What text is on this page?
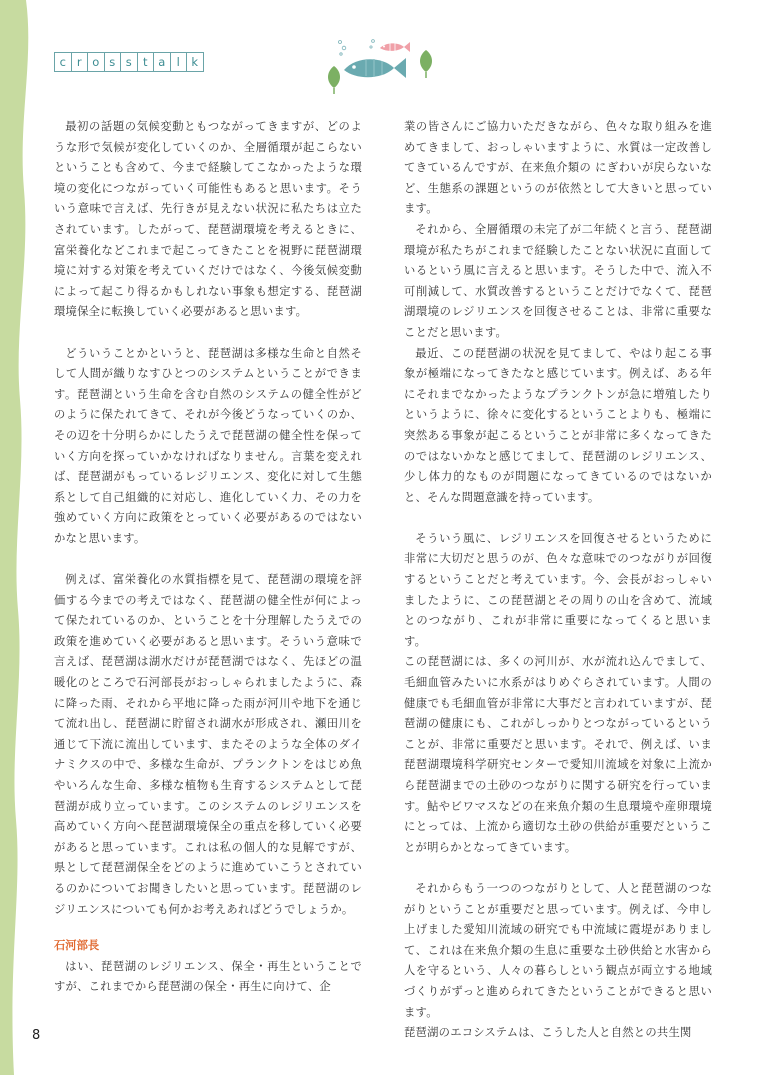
c r o s s t a l	k

最初の話題の気候変動ともつながってきますが、どのような形で気候が変化していくのか、全層循環が起こらないということも含めて、今まで経験してこなかったような環境の変化につながっていく可能性もあると思います。そういう意味で言えば、先行きが見えない状況に私たちは立たされています。したがって、琵琶湖環境を考えるときに、富栄養化などこれまで起こってきたことを視野に琵琶湖環境に対する対策を考えていくだけではなく、今後気候変動によって起こり得るかもしれない事象も想定する、琵琶湖環境保全に転換していく必要があると思います。

どういうことかというと、琵琶湖は多様な生命と自然そして人間が織りなすひとつのシステムということができます。琵琶湖という生命を含む自然のシステムの健全性がどのように保たれてきて、それが今後どうなっていくのか、その辺を十分明らかにしたうえで琵琶湖の健全性を保っていく方向を探っていかなければなりません。言葉を変えれば、琵琶湖がもっているレジリエンス、変化に対して生態系として自己組織的に対応し、進化していく力、その力を強めていく方向に政策をとっていく必要があるのではないかなと思います。

例えば、富栄養化の水質指標を見て、琵琶湖の環境を評価する今までの考えではなく、琵琶湖の健全性が何によって保たれているのか、ということを十分理解したうえでの政策を進めていく必要があると思います。そういう意味で言えば、琵琶湖は湖水だけが琵琶湖ではなく、先ほどの温暖化のところで石河部長がおっしゃられましたように、森に降った雨、それから平地に降った雨が河川や地下を通じて流れ出し、琵琶湖に貯留され湖水が形成され、瀬田川を通じて下流に流出しています、またそのような全体のダイナミクスの中で、多様な生命が、プランクトンをはじめ魚やいろんな生命、多様な植物も生育するシステムとして琵琶湖が成り立っています。このシステムのレジリエンスを高めていく方向へ琵琶湖環境保全の重点を移していく必要があると思っています。これは私の個人的な見解ですが、県として琵琶湖保全をどのように進めていこうとされているのかについてお聞きしたいと思っています。琵琶湖のレジリエンスについても何かお考えあればどうでしょうか。

石河部長

はい、琵琶湖のレジリエンス、保全・再生ということですが、これまでから琵琶湖の保全・再生に向けて、企

業の皆さんにご協力いただきながら、色々な取り組みを進めてきまして、おっしゃいますように、水質は一定改善してきているんですが、在来魚介類の にぎわいが戻らないなど、生態系の課題というのが依然として大きいと思っています。

それから、全層循環の未完了が二年続くと言う、琵琶湖環境が私たちがこれまで経験したことない状況に直面しているという風に言えると思います。そうした中で、流入不可削減して、水質改善するということだけでなくて、琵琶湖環境のレジリエンスを回復させることは、非常に重要なことだと思います。

最近、この琵琶湖の状況を見てまして、やはり起こる事象が極端になってきたなと感じています。例えば、ある年にそれまでなかったようなプランクトンが急に増殖したりというように、徐々に変化するということよりも、極端に突然ある事象が起こるということが非常に多くなってきたのではないかなと感じてまして、琵琶湖のレジリエンス、少し体力的なものが問題になってきているのではないかと、そんな問題意識を持っています。

そういう風に、レジリエンスを回復させるというために非常に大切だと思うのが、色々な意味でのつながりが回復するということだと考えています。今、会長がおっしゃいましたように、この琵琶湖とその周りの山を含めて、流域とのつながり、これが非常に重要になってくると思います。

この琵琶湖には、多くの河川が、水が流れ込んでまして、毛細血管みたいに水系がはりめぐらされています。人間の健康でも毛細血管が非常に大事だと言われていますが、琵琶湖の健康にも、これがしっかりとつながっているということが、非常に重要だと思います。それで、例えば、いま琵琶湖環境科学研究センターで愛知川流域を対象に上流から琵琶湖までの土砂のつながりに関する研究を行っています。鮎やビワマスなどの在来魚介類の生息環境や産卵環境にとっては、上流から適切な土砂の供給が重要だということが明らかとなってきています。

それからもう一つのつながりとして、人と琵琶湖のつながりということが重要だと思っています。例えば、今申し上げました愛知川流域の研究でも中流域に霞堤がありまして、これは在来魚介類の生息に重要な土砂供給と水害から人を守るという、人々の暮らしという観点が両立する地域づくりがずっと進められてきたということができると思います。

琵琶湖のエコシステムは、こうした人と自然との共生関

8
